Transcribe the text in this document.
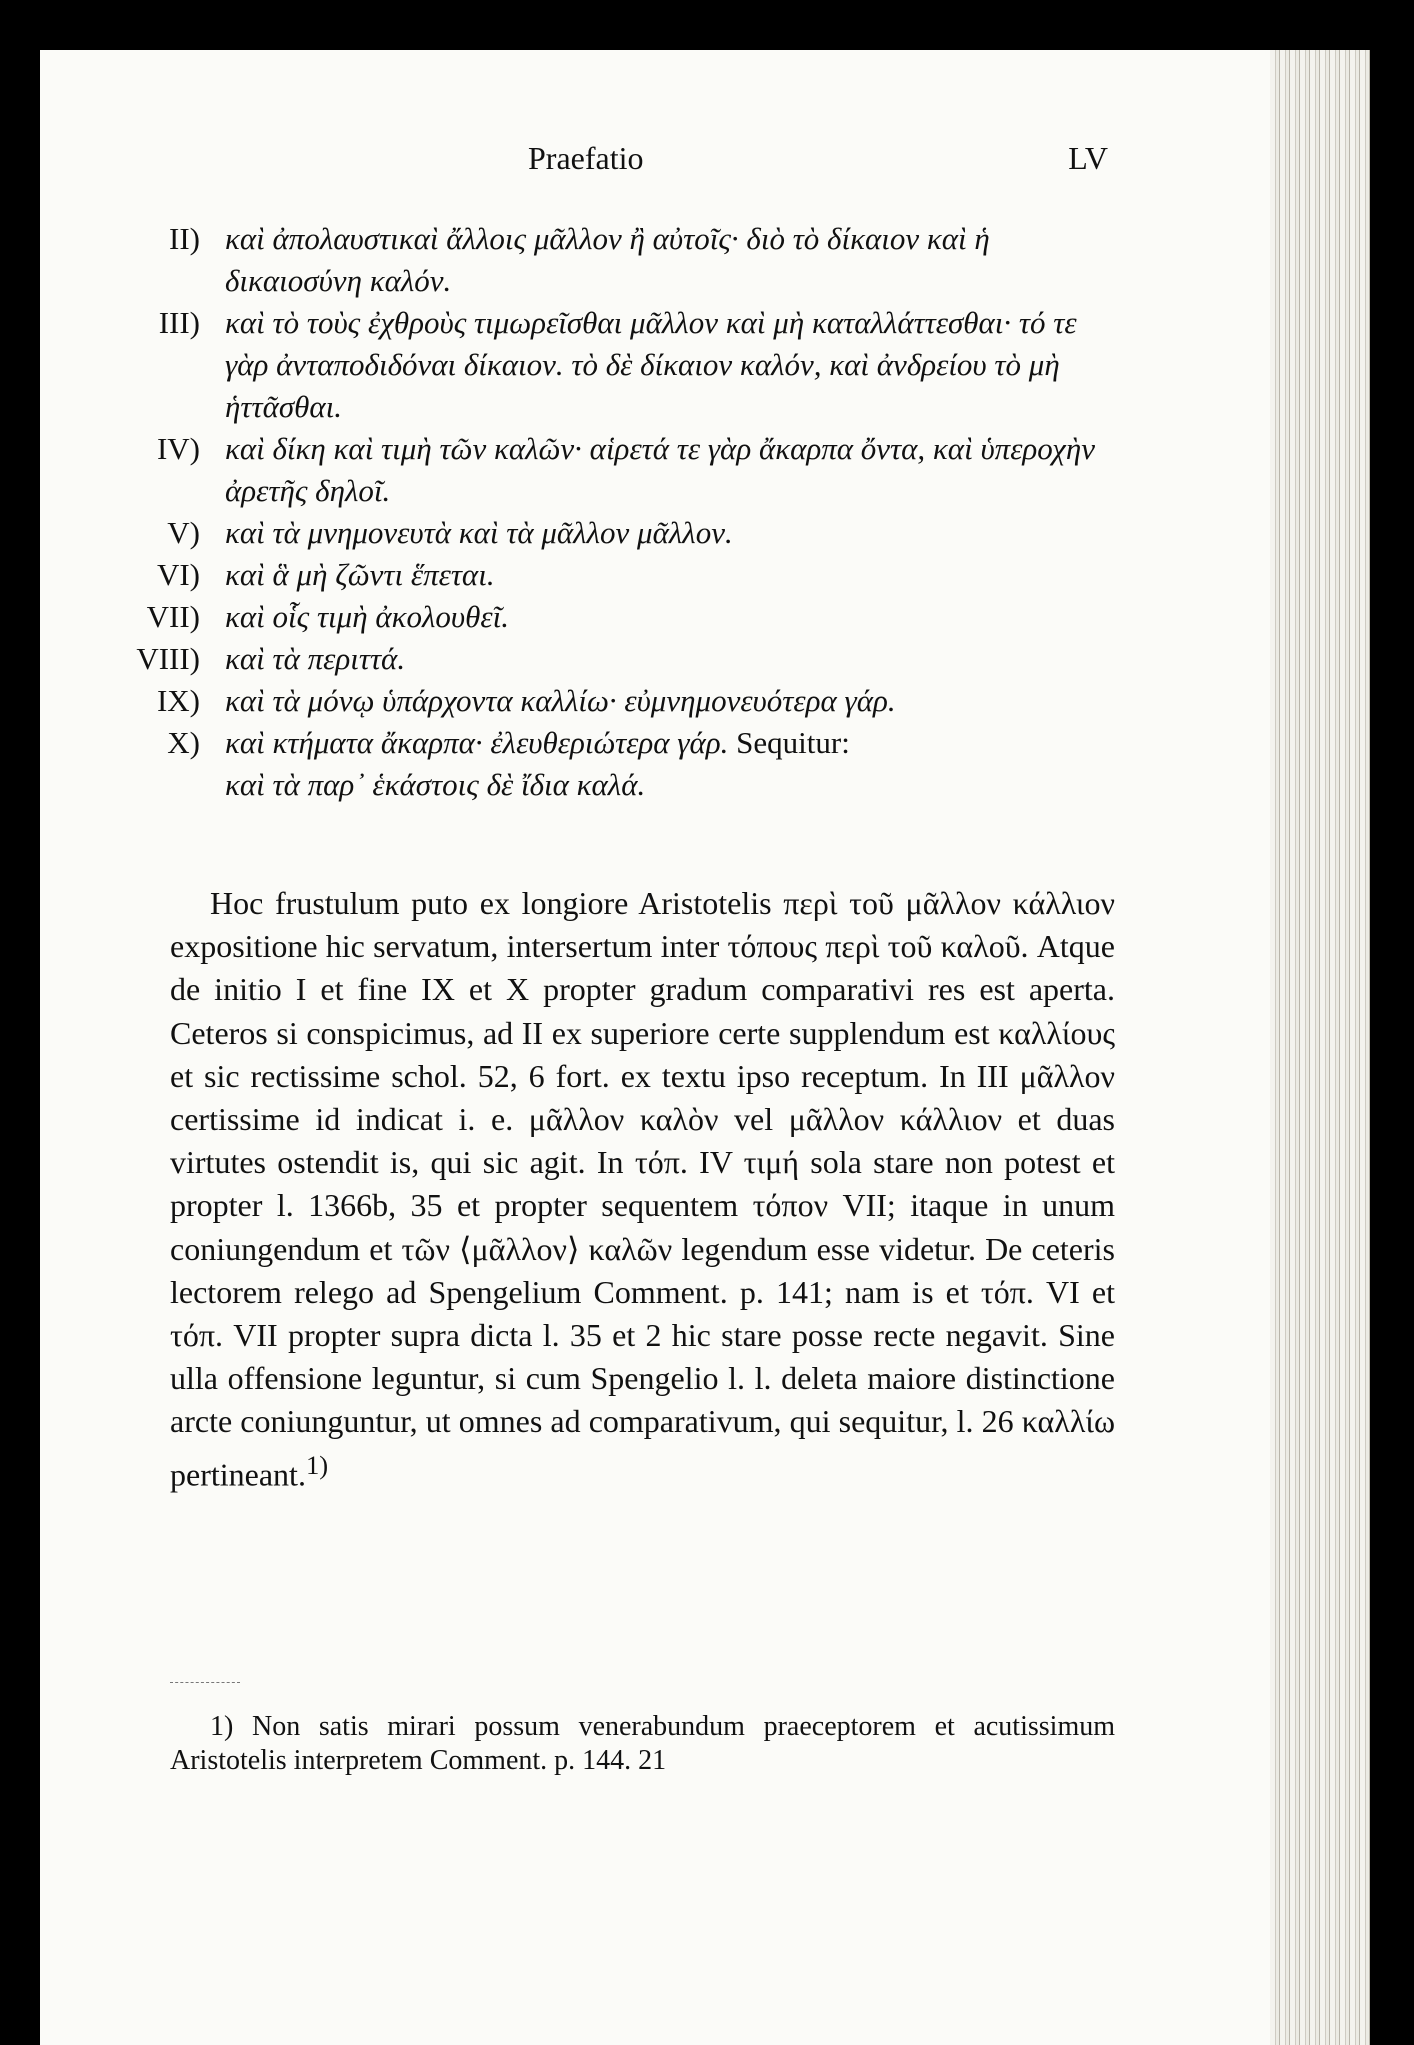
Praefatio	LV
II) καὶ ἀπολαυστικαὶ ἄλλοις μᾶλλον ἢ αὐτοῖς· διὸ τὸ δίκαιον καὶ ἡ δικαιοσύνη καλόν.
III) καὶ τὸ τοὺς ἐχθροὺς τιμωρεῖσθαι μᾶλλον καὶ μὴ καταλλάττεσθαι· τό τε γὰρ ἀνταποδιδόναι δίκαιον. τὸ δὲ δίκαιον καλόν, καὶ ἀνδρείου τὸ μὴ ἡττᾶσθαι.
IV) καὶ δίκη καὶ τιμὴ τῶν καλῶν· αἱρετά τε γὰρ ἄκαρπα ὄντα, καὶ ὑπεροχὴν ἀρετῆς δηλοῖ.
V) καὶ τὰ μνημονευτὰ καὶ τὰ μᾶλλον μᾶλλον.
VI) καὶ ἃ μὴ ζῶντι ἕπεται.
VII) καὶ οἷς τιμὴ ἀκολουθεῖ.
VIII) καὶ τὰ περιττά.
IX) καὶ τὰ μόνῳ ὑπάρχοντα καλλίω· εὐμνημονευότερα γάρ.
X) καὶ κτήματα ἄκαρπα· ἐλευθεριώτερα γάρ. Sequitur:
καὶ τὰ παρ᾽ ἑκάστοις δὲ ἴδια καλά.

Hoc frustulum puto ex longiore Aristotelis περὶ τοῦ μᾶλλον κάλλιον expositione hic servatum, intersertum inter τόπους περὶ τοῦ καλοῦ. Atque de initio I et fine IX et X propter gradum comparativi res est aperta. Ceteros si conspicimus, ad II ex superiore certe supplendum est καλλίους et sic rectissime schol. 52, 6 fort. ex textu ipso receptum. In III μᾶλλον certissime id indicat i. e. μᾶλλον καλὸν vel μᾶλλον κάλλιον et duas virtutes ostendit is, qui sic agit. In τόπ. IV τιμή sola stare non potest et propter l. 1366b, 35 et propter sequentem τόπον VII; itaque in unum coniungendum et τῶν ⟨μᾶλλον⟩ καλῶν legendum esse videtur. De ceteris lectorem relego ad Spengelium Comment. p. 141; nam is et τόπ. VI et τόπ. VII propter supra dicta l. 35 et 2 hic stare posse recte negavit. Sine ulla offensione leguntur, si cum Spengelio l. l. deleta maiore distinctione arcte coniunguntur, ut omnes ad comparativum, qui sequitur, l. 26 καλλίω pertineant.$^{1)}$

1) Non satis mirari possum venerabundum praeceptorem et acutissimum Aristotelis interpretem Comment. p. 144. 21
